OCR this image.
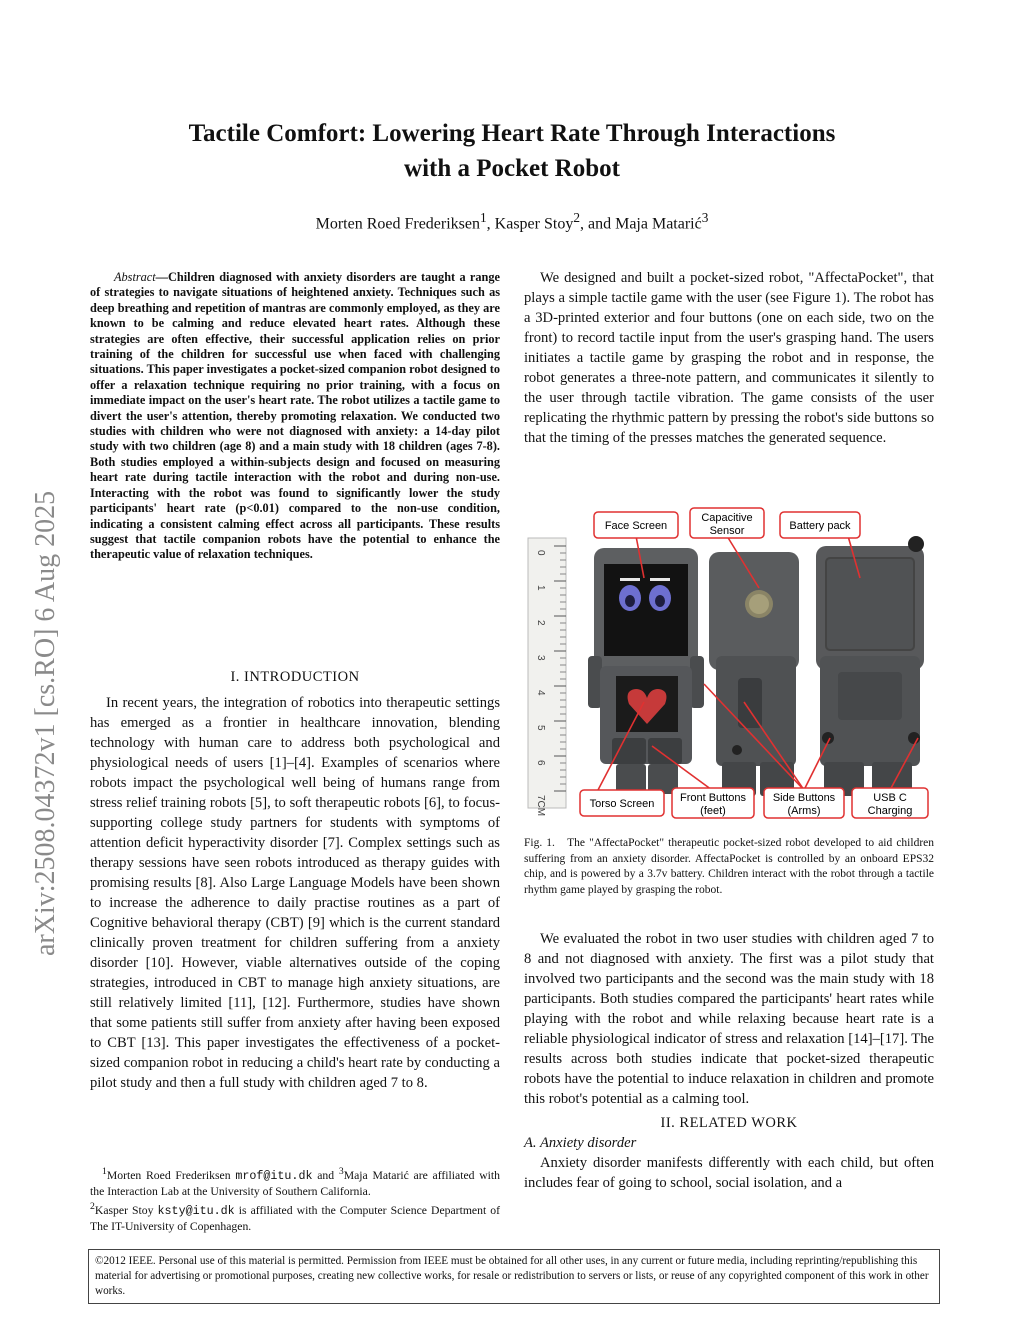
arXiv:2508.04372v1 [cs.RO] 6 Aug 2025
Tactile Comfort: Lowering Heart Rate Through Interactions
with a Pocket Robot
Morten Roed Frederiksen$^1$, Kasper Stoy$^2$, and Maja Matarić$^3$
Abstract—Children diagnosed with anxiety disorders are taught a range of strategies to navigate situations of heightened anxiety. Techniques such as deep breathing and repetition of mantras are commonly employed, as they are known to be calming and reduce elevated heart rates. Although these strategies are often effective, their successful application relies on prior training of the children for successful use when faced with challenging situations. This paper investigates a pocket-sized companion robot designed to offer a relaxation technique requiring no prior training, with a focus on immediate impact on the user's heart rate. The robot utilizes a tactile game to divert the user's attention, thereby promoting relaxation. We conducted two studies with children who were not diagnosed with anxiety: a 14-day pilot study with two children (age 8) and a main study with 18 children (ages 7-8). Both studies employed a within-subjects design and focused on measuring heart rate during tactile interaction with the robot and during non-use. Interacting with the robot was found to significantly lower the study participants' heart rate (p<0.01) compared to the non-use condition, indicating a consistent calming effect across all participants. These results suggest that tactile companion robots have the potential to enhance the therapeutic value of relaxation techniques.
I. INTRODUCTION

In recent years, the integration of robotics into therapeutic settings has emerged as a frontier in healthcare innovation, blending technology with human care to address both psychological and physiological needs of users [1]–[4]. Examples of scenarios where robots impact the psychological well being of humans range from stress relief training robots [5], to soft therapeutic robots [6], to focus-supporting college study partners for students with symptoms of attention deficit hyperactivity disorder [7]. Complex settings such as therapy sessions have seen robots introduced as therapy guides with promising results [8]. Also Large Language Models have been shown to increase the adherence to daily practise routines as a part of Cognitive behavioral therapy (CBT) [9] which is the current standard clinically proven treatment for children suffering from a anxiety disorder [10]. However, viable alternatives outside of the coping strategies, introduced in CBT to manage high anxiety situations, are still relatively limited [11], [12]. Furthermore, studies have shown that some patients still suffer from anxiety after having been exposed to CBT [13]. This paper investigates the effectiveness of a pocket-sized companion robot in reducing a child's heart rate by conducting a pilot study and then a full study with children aged 7 to 8.

$^1$Morten Roed Frederiksen mrof@itu.dk and $^3$Maja Matarić are affiliated with the Interaction Lab at the University of Southern California.
$^2$Kasper Stoy ksty@itu.dk is affiliated with the Computer Science Department of The IT-University of Copenhagen.

We designed and built a pocket-sized robot, "AffectaPocket", that plays a simple tactile game with the user (see Figure 1). The robot has a 3D-printed exterior and four buttons (one on each side, two on the front) to record tactile input from the user's grasping hand. The users initiates a tactile game by grasping the robot and in response, the robot generates a three-note pattern, and communicates it silently to the user through tactile vibration. The game consists of the user replicating the rhythmic pattern by pressing the robot's side buttons so that the timing of the presses matches the generated sequence.

0
1
2
3
4
5
6
7CM
Face Screen
Capacitive
Sensor	Battery pack
Torso Screen Front Buttons
(feet)
Side Buttons
(Arms)
USB C
Charging
Fig. 1. The "AffectaPocket" therapeutic pocket-sized robot developed to aid children suffering from an anxiety disorder. AffectaPocket is controlled by an onboard EPS32 chip, and is powered by a 3.7v battery. Children interact with the robot through a tactile rhythm game played by grasping the robot.

We evaluated the robot in two user studies with children aged 7 to 8 and not diagnosed with anxiety. The first was a pilot study that involved two participants and the second was the main study with 18 participants. Both studies compared the participants' heart rates while playing with the robot and while relaxing because heart rate is a reliable physiological indicator of stress and relaxation [14]–[17]. The results across both studies indicate that pocket-sized therapeutic robots have the potential to induce relaxation in children and promote this robot's potential as a calming tool.

II. RELATED WORK
A. Anxiety disorder

Anxiety disorder manifests differently with each child, but often includes fear of going to school, social isolation, and a

©2012 IEEE. Personal use of this material is permitted. Permission from IEEE must be obtained for all other uses, in any current or future media, including reprinting/republishing this material for advertising or promotional purposes, creating new collective works, for resale or redistribution to servers or lists, or reuse of any copyrighted component of this work in other works.
